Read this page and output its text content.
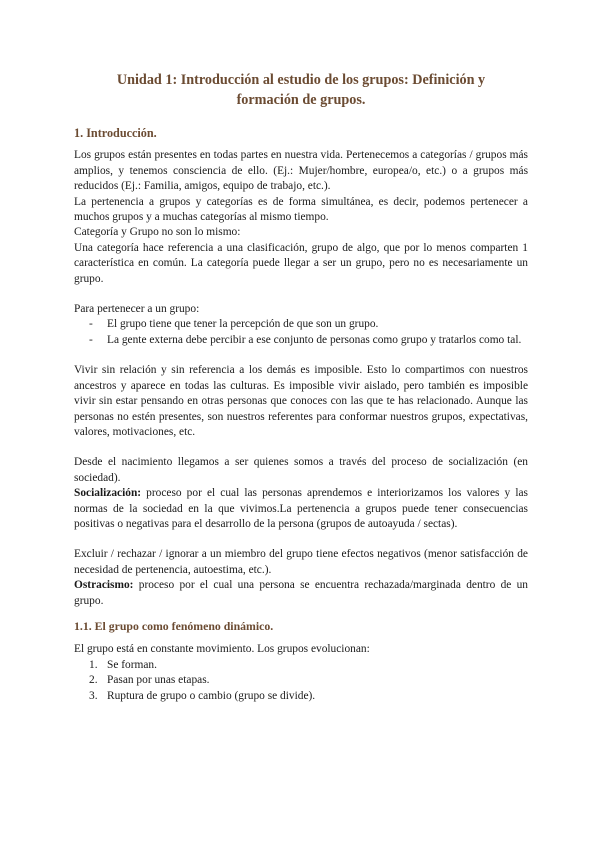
Unidad 1: Introducción al estudio de los grupos: Definición y formación de grupos.
1. Introducción.

Los grupos están presentes en todas partes en nuestra vida. Pertenecemos a categorías / grupos más amplios, y tenemos consciencia de ello. (Ej.: Mujer/hombre, europea/o, etc.) o a grupos más reducidos (Ej.: Familia, amigos, equipo de trabajo, etc.).

La pertenencia a grupos y categorías es de forma simultánea, es decir, podemos pertenecer a muchos grupos y a muchas categorías al mismo tiempo.

Categoría y Grupo no son lo mismo:

Una categoría hace referencia a una clasificación, grupo de algo, que por lo menos comparten 1 característica en común. La categoría puede llegar a ser un grupo, pero no es necesariamente un grupo.

Para pertenecer a un grupo:

- El grupo tiene que tener la percepción de que son un grupo.
- La gente externa debe percibir a ese conjunto de personas como grupo y tratarlos como tal.

Vivir sin relación y sin referencia a los demás es imposible. Esto lo compartimos con nuestros ancestros y aparece en todas las culturas. Es imposible vivir aislado, pero también es imposible vivir sin estar pensando en otras personas que conoces con las que te has relacionado. Aunque las personas no estén presentes, son nuestros referentes para conformar nuestros grupos, expectativas, valores, motivaciones, etc.

Desde el nacimiento llegamos a ser quienes somos a través del proceso de socialización (en sociedad).

Socialización: proceso por el cual las personas aprendemos e interiorizamos los valores y las normas de la sociedad en la que vivimos.La pertenencia a grupos puede tener consecuencias positivas o negativas para el desarrollo de la persona (grupos de autoayuda / sectas).

Excluir / rechazar / ignorar a un miembro del grupo tiene efectos negativos (menor satisfacción de necesidad de pertenencia, autoestima, etc.).

Ostracismo: proceso por el cual una persona se encuentra rechazada/marginada dentro de un grupo.

1.1. El grupo como fenómeno dinámico.

El grupo está en constante movimiento. Los grupos evolucionan:

1. Se forman.
2. Pasan por unas etapas.
3. Ruptura de grupo o cambio (grupo se divide).
